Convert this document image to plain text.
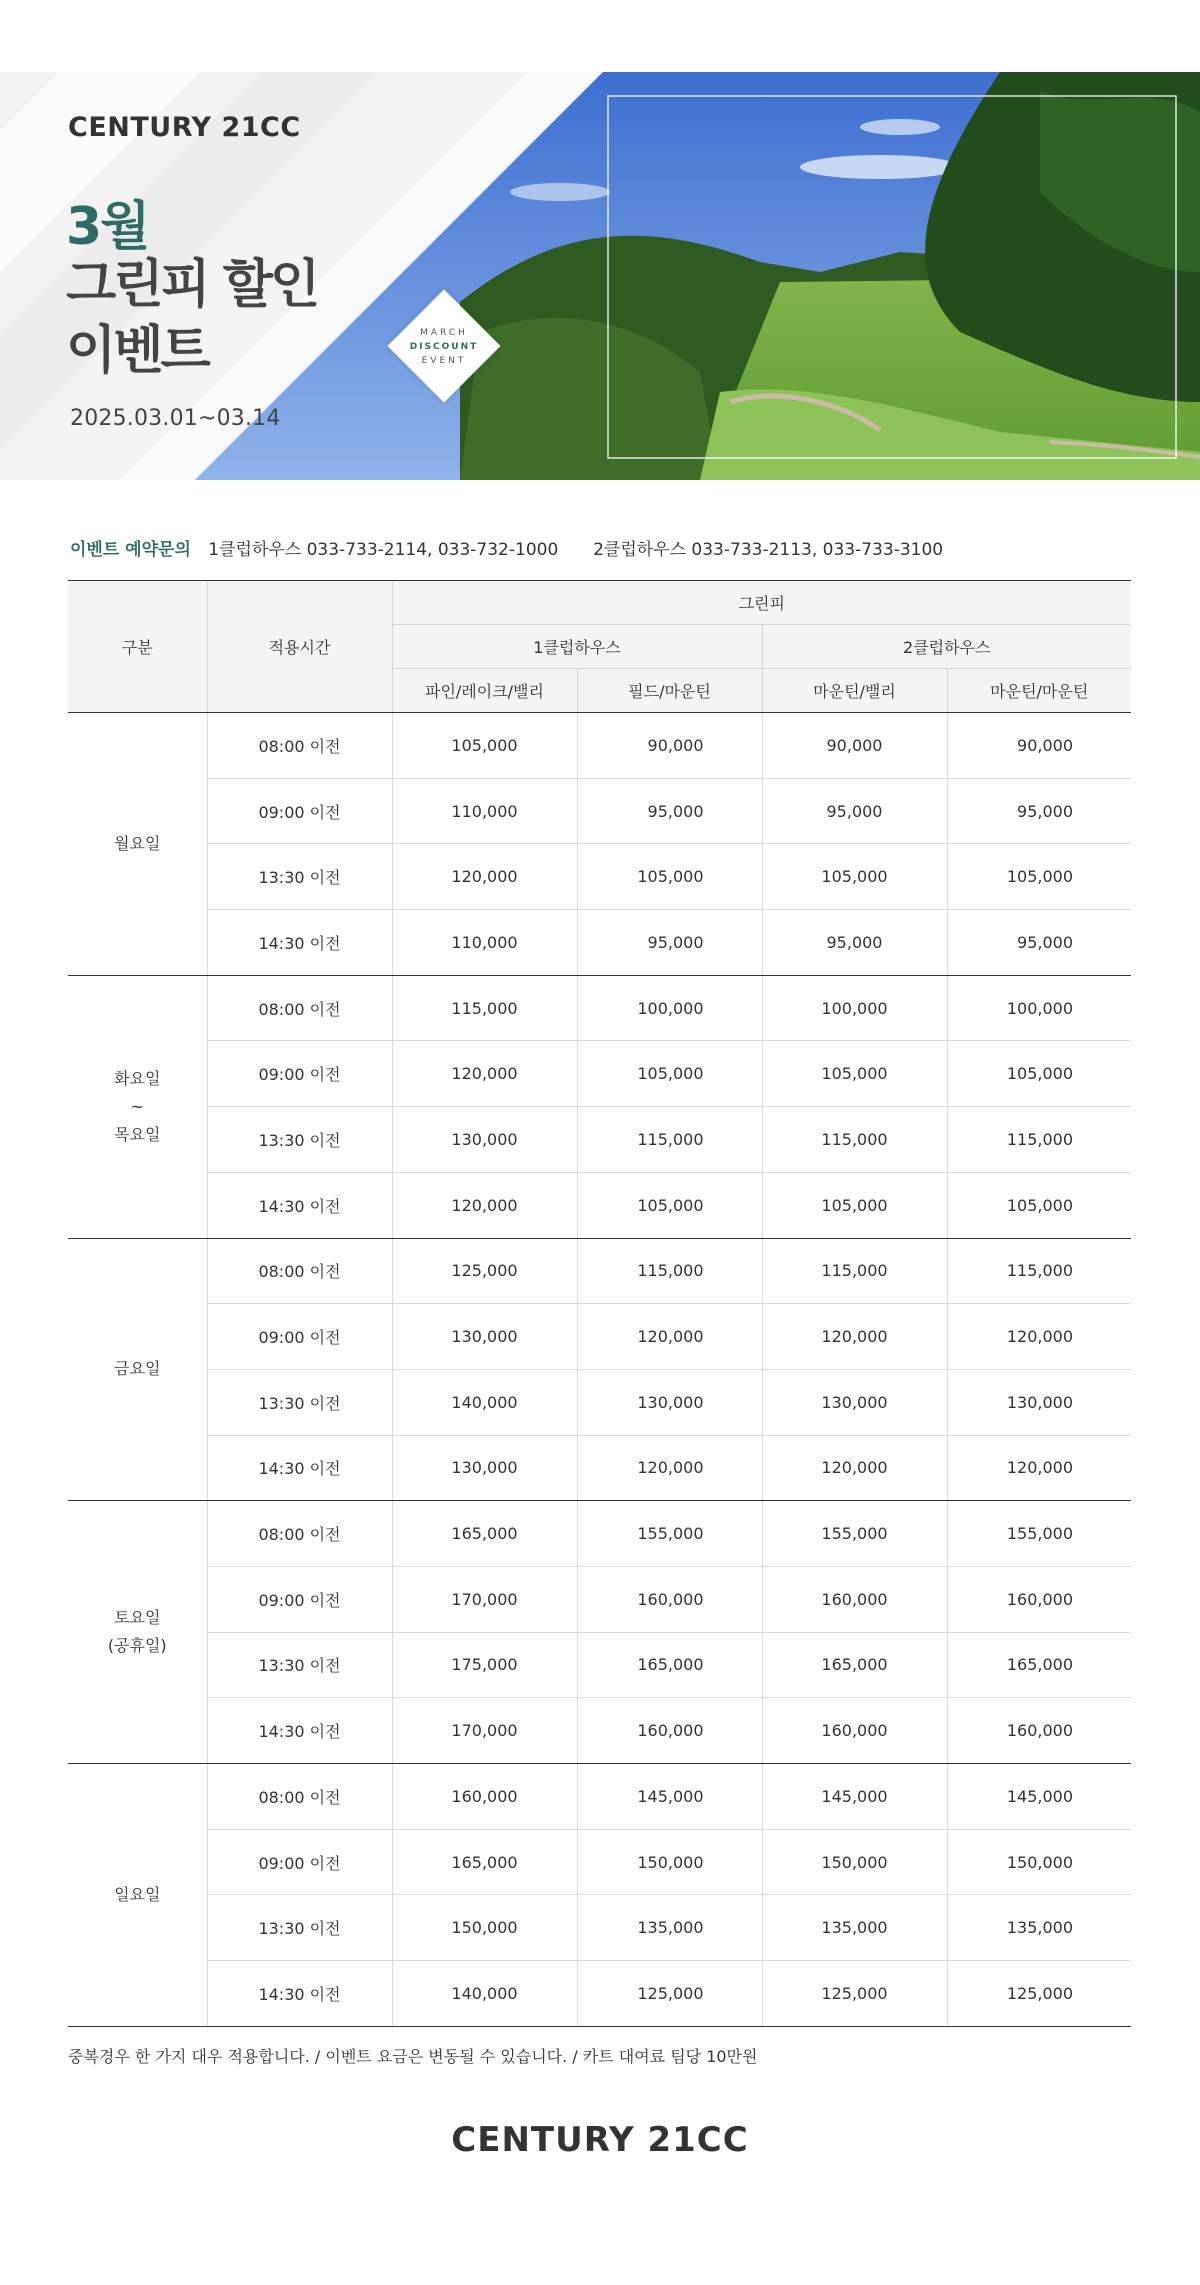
CENTURY 21CC
3월
그린피 할인
이벤트
2025.03.01~03.14
MARCH
DISCOUNT
EVENT
이벤트 예약문의 1클럽하우스 033-733-2114, 033-732-1000 2클럽하우스 033-733-2113, 033-733-3100
구분	적용시간	그린피			
		1클럽하우스		2클럽하우스	
		파인/레이크/밸리	필드/마운틴	마운틴/밸리	마운틴/마운틴

월요일	08:00 이전	105,000	90,000	90,000	90,000
	09:00 이전	110,000	95,000	95,000	95,000
	13:30 이전	120,000	105,000	105,000	105,000
	14:30 이전	110,000	95,000	95,000	95,000

화요일
~
목요일	08:00 이전	115,000	100,000	100,000	100,000
	09:00 이전	120,000	105,000	105,000	105,000
	13:30 이전	130,000	115,000	115,000	115,000
	14:30 이전	120,000	105,000	105,000	105,000

금요일	08:00 이전	125,000	115,000	115,000	115,000
	09:00 이전	130,000	120,000	120,000	120,000
	13:30 이전	140,000	130,000	130,000	130,000
	14:30 이전	130,000	120,000	120,000	120,000

토요일
(공휴일)	08:00 이전	165,000	155,000	155,000	155,000
	09:00 이전	170,000	160,000	160,000	160,000
	13:30 이전	175,000	165,000	165,000	165,000
	14:30 이전	170,000	160,000	160,000	160,000

일요일	08:00 이전	160,000	145,000	145,000	145,000
	09:00 이전	165,000	150,000	150,000	150,000
	13:30 이전	150,000	135,000	135,000	135,000
	14:30 이전	140,000	125,000	125,000	125,000
중복경우 한 가지 대우 적용합니다. / 이벤트 요금은 변동될 수 있습니다. / 카트 대여료 팀당 10만원
CENTURY 21CC
